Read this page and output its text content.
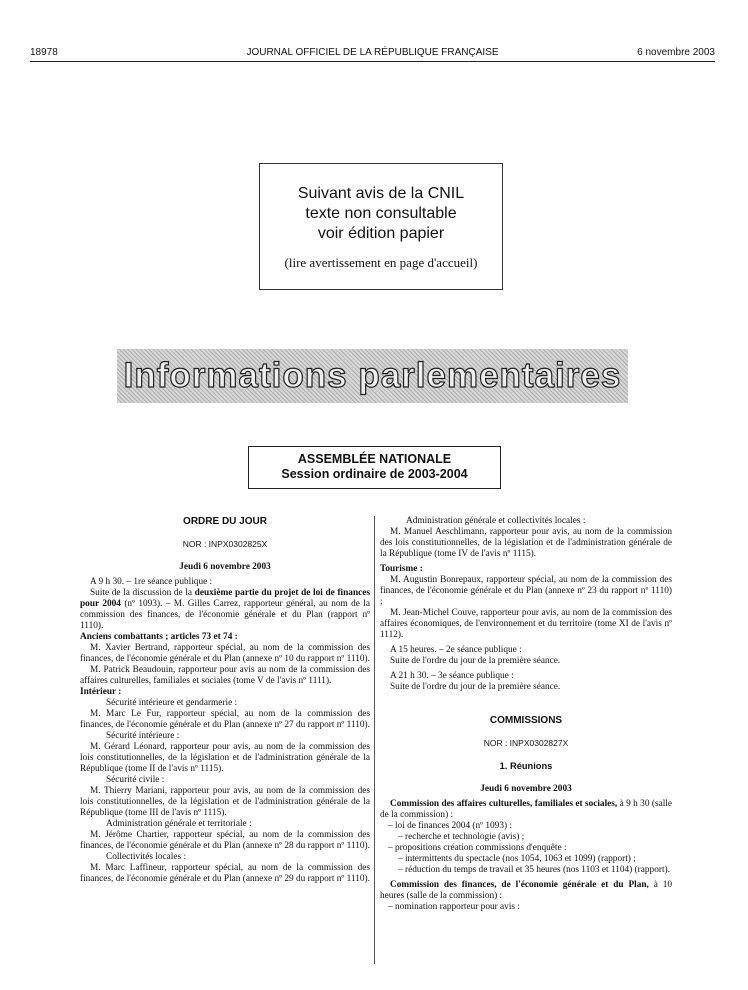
18978	JOURNAL OFFICIEL DE LA RÉPUBLIQUE FRANÇAISE	6 novembre 2003
Suivant avis de la CNIL
texte non consultable
voir édition papier
(lire avertissement en page d'accueil)
Informations parlementaires
ASSEMBLÉE NATIONALE
Session ordinaire de 2003-2004
ORDRE DU JOUR
NOR : INPX0302825X
Jeudi 6 novembre 2003

A 9 h 30. – 1re séance publique :

Suite de la discussion de la deuxième partie du projet de loi de finances pour 2004 (nº 1093). – M. Gilles Carrez, rapporteur général, au nom de la commission des finances, de l'économie générale et du Plan (rapport nº 1110).

Anciens combattants ; articles 73 et 74 :

M. Xavier Bertrand, rapporteur spécial, au nom de la commission des finances, de l'économie générale et du Plan (annexe nº 10 du rapport nº 1110).

M. Patrick Beaudouin, rapporteur pour avis au nom de la commission des affaires culturelles, familiales et sociales (tome V de l'avis nº 1111).

Intérieur :

Sécurité intérieure et gendarmerie :

M. Marc Le Fur, rapporteur spécial, au nom de la commission des finances, de l'économie générale et du Plan (annexe nº 27 du rapport nº 1110).

Sécurité intérieure :

M. Gérard Léonard, rapporteur pour avis, au nom de la commission des lois constitutionnelles, de la législation et de l'administration générale de la République (tome II de l'avis nº 1115).

Sécurité civile :

M. Thierry Mariani, rapporteur pour avis, au nom de la commission des lois constitutionnelles, de la législation et de l'administration générale de la République (tome III de l'avis nº 1115).

Administration générale et territoriale :

M. Jérôme Chartier, rapporteur spécial, au nom de la commission des finances, de l'économie générale et du Plan (annexe nº 28 du rapport nº 1110).

Collectivités locales :

M. Marc Laffineur, rapporteur spécial, au nom de la commission des finances, de l'économie générale et du Plan (annexe nº 29 du rapport nº 1110).

Administration générale et collectivités locales :

M. Manuel Aeschlimann, rapporteur pour avis, au nom de la commission des lois constitutionnelles, de la législation et de l'administration générale de la République (tome IV de l'avis nº 1115).

Tourisme :

M. Augustin Bonrepaux, rapporteur spécial, au nom de la commission des finances, de l'économie générale et du Plan (annexe nº 23 du rapport nº 1110) ;

M. Jean-Michel Couve, rapporteur pour avis, au nom de la commission des affaires économiques, de l'environnement et du territoire (tome XI de l'avis nº 1112).

A 15 heures. – 2e séance publique :

Suite de l'ordre du jour de la première séance.

A 21 h 30. – 3e séance publique :

Suite de l'ordre du jour de la première séance.

COMMISSIONS
NOR : INPX0302827X
1. Réunions
Jeudi 6 novembre 2003

Commission des affaires culturelles, familiales et sociales, à 9 h 30 (salle de la commission) :

– loi de finances 2004 (nº 1093) :

– recherche et technologie (avis) ;

– propositions création commissions d'enquête :

– intermittents du spectacle (nos 1054, 1063 et 1099) (rapport) ;

– réduction du temps de travail et 35 heures (nos 1103 et 1104) (rapport).

Commission des finances, de l'économie générale et du Plan, à 10 heures (salle de la commission) :

– nomination rapporteur pour avis :
